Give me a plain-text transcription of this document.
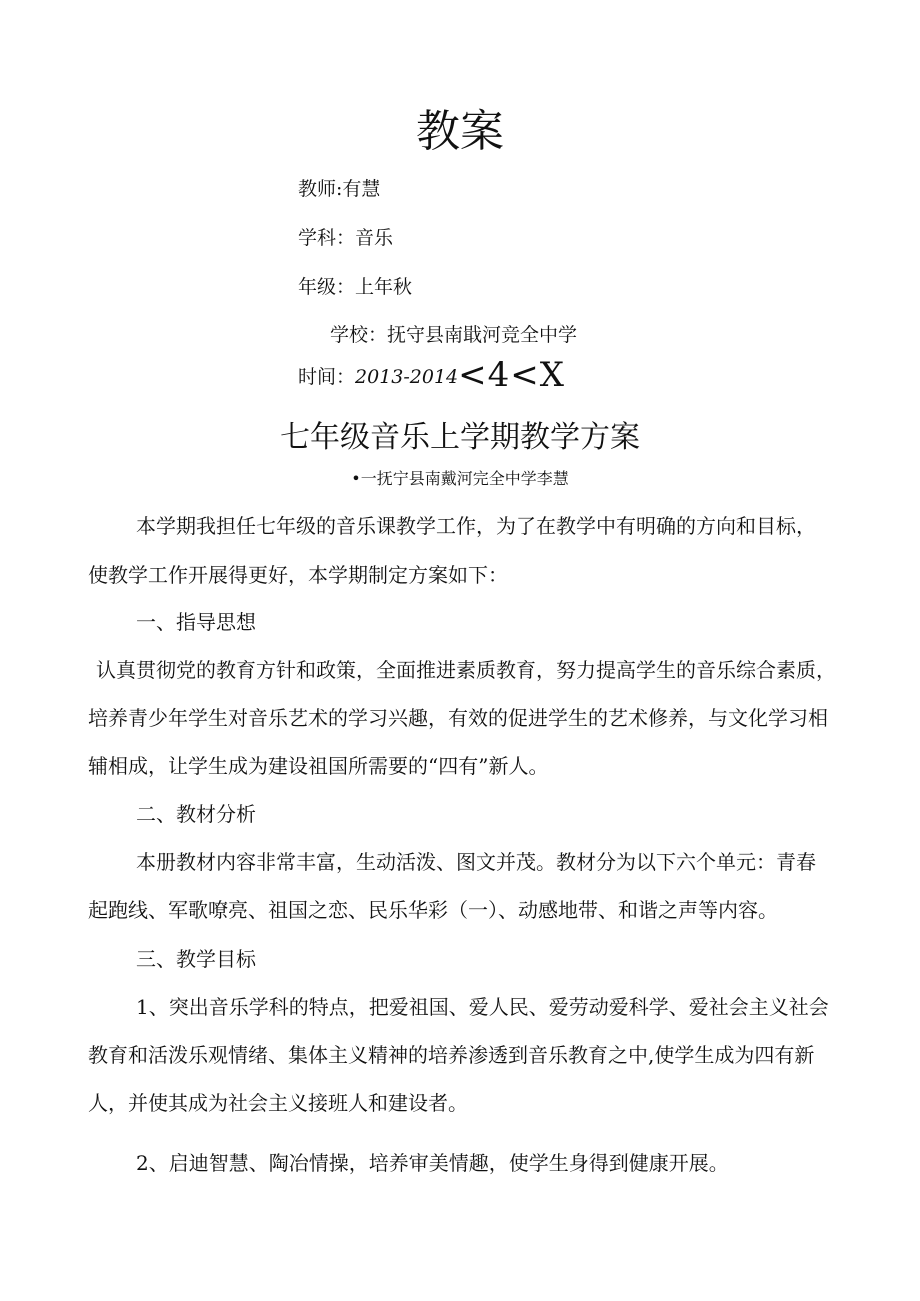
教案
教师:有慧
学科：音乐
年级：上年秋
学校：抚守县南戢河竞全中学
时间：2013-2014<4<X
七年级音乐上学期教学方案
•一抚宁县南戴河完全中学李慧
本学期我担任七年级的音乐课教学工作，为了在教学中有明确的方向和目标，
使教学工作开展得更好，本学期制定方案如下：
一、指导思想
认真贯彻党的教育方针和政策，全面推进素质教育，努力提高学生的音乐综合素质，
培养青少年学生对音乐艺术的学习兴趣，有效的促进学生的艺术修养，与文化学习相
辅相成，让学生成为建设祖国所需要的“四有”新人。
二、教材分析
本册教材内容非常丰富，生动活泼、图文并茂。教材分为以下六个单元：青春
起跑线、军歌嘹亮、祖国之恋、民乐华彩（一）、动感地带、和谐之声等内容。
三、教学目标
1、突出音乐学科的特点，把爱祖国、爱人民、爱劳动爱科学、爱社会主义社会
教育和活泼乐观情绪、集体主义精神的培养渗透到音乐教育之中,使学生成为四有新
人，并使其成为社会主义接班人和建设者。
2、启迪智慧、陶冶情操，培养审美情趣，使学生身得到健康开展。
